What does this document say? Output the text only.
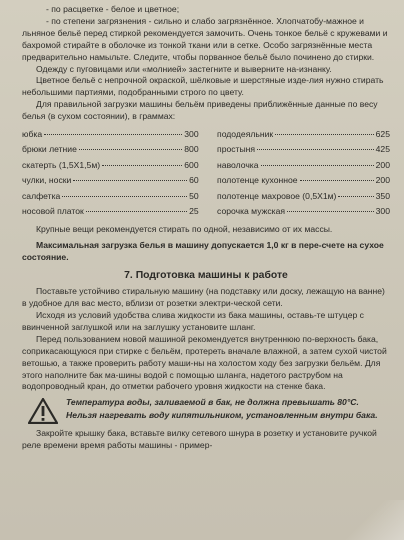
- по расцветке - белое и цветное;

- по степени загрязнения - сильно и слабо загрязнённое. Хлопчатобу-мажное и льняное бельё перед стиркой рекомендуется замочить. Очень тонкое бельё с кружевами и бахромой стирайте в оболочке из тонкой ткани или в сетке. Особо загрязнённые места предварительно намыльте. Следите, чтобы порванное бельё было починено до стирки.

Одежду с пуговицами или «молнией» застегните и выверните на-изнанку.

Цветное бельё с непрочной окраской, шёлковые и шерстяные изде-лия нужно стирать небольшими партиями, подобранными строго по цвету.

Для правильной загрузки машины бельём приведены приближённые данные по весу белья (в сухом состоянии), в граммах:

юбка	300
брюки летние	800
скатерть (1,5Х1,5м)	600
чулки, носки	60
салфетка	50
носовой платок	25
пододеяльник	625
простыня	425
наволочка	200
полотенце кухонное	200
полотенце махровое (0,5Х1м)	350
сорочка мужская	300

Крупные вещи рекомендуется стирать по одной, независимо от их массы.

Максимальная загрузка белья в машину допускается 1,0 кг в пере-счете на сухое состояние.

7. Подготовка машины к работе

Поставьте устойчиво стиральную машину (на подставку или доску, лежащую на ванне) в удобное для вас место, вблизи от розетки электри-ческой сети.

Исходя из условий удобства слива жидкости из бака машины, оставь-те штуцер с ввинченной заглушкой или на заглушку установите шланг.

Перед пользованием новой машиной рекомендуется внутреннюю по-верхность бака, соприкасающуюся при стирке с бельём, протереть вначале влажной, а затем сухой чистой ветошью, а также проверить работу маши-ны на холостом ходу без загрузки бельём. Для этого наполните бак ма-шины водой с помощью шланга, надетого раструбом на водопроводный кран, до отметки рабочего уровня жидкости на стенке бака.

Температура воды, заливаемой в бак, не должна превышать 80°С. Нельзя нагревать воду кипятильником, установленным внутри бака.

Закройте крышку бака, вставьте вилку сетевого шнура в розетку и установите ручкой реле времени время работы машины - пример-
